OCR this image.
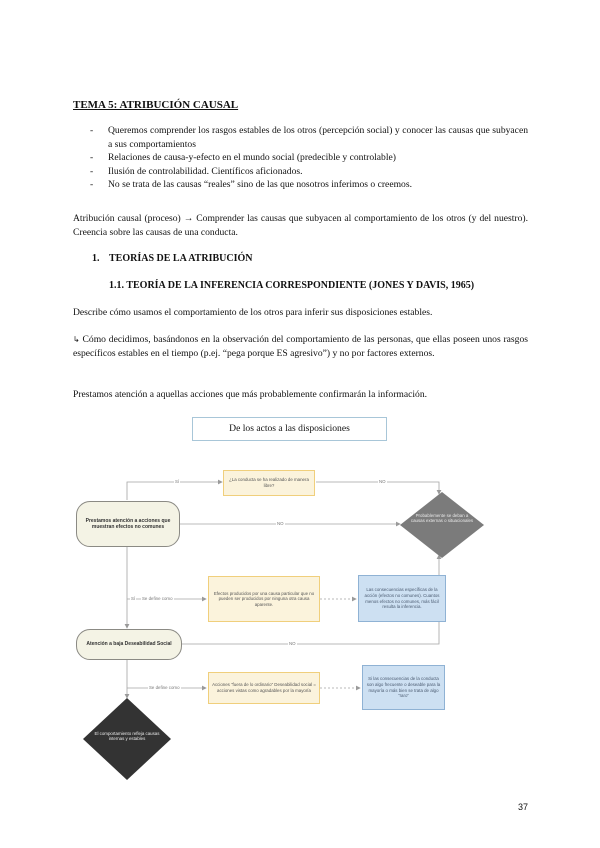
TEMA 5: ATRIBUCIÓN CAUSAL
- Queremos comprender los rasgos estables de los otros (percepción social) y conocer las causas que subyacen a sus comportamientos
- Relaciones de causa-y-efecto en el mundo social (predecible y controlable)
- Ilusión de controlabilidad. Científicos aficionados.
- No se trata de las causas “reales” sino de las que nosotros inferimos o creemos.
Atribución causal (proceso) → Comprender las causas que subyacen al comportamiento de los otros (y del nuestro). Creencia sobre las causas de una conducta.
1. TEORÍAS DE LA ATRIBUCIÓN
1.1. TEORÍA DE LA INFERENCIA CORRESPONDIENTE (JONES Y DAVIS, 1965)
Describe cómo usamos el comportamiento de los otros para inferir sus disposiciones estables.
↳ Cómo decidimos, basándonos en la observación del comportamiento de las personas, que ellas poseen unos rasgos específicos estables en el tiempo (p.ej. “pega porque ES agresivo”) y no por factores externos.
Prestamos atención a aquellas acciones que más probablemente confirmarán la información.
De los actos a las disposiciones
¿La conducta se ha realizado de manera libre?
Sí	NO
NO
Prestamos atención a acciones que muestran efectos no comunes
Probablemente se deban a causas externas o situacionales
Sí Se define como
Efectos producidos por una causa particular que no pueden ser producidos por ninguna otra causa aparente.
Las consecuencias específicas de la acción (efectos no comunes). Cuantos menos efectos no comunes, más fácil resulta la inferencia.
Atención a baja Deseabilidad Social	NO
Se define como
Acciones “fuera de lo ordinario” Deseabilidad social = acciones vistas como agradables por la mayoría
Si las consecuencias de la conducta son algo frecuente o deseable para la mayoría o más bien se trata de algo “raro”
El comportamiento refleja causas internas y estables
37
